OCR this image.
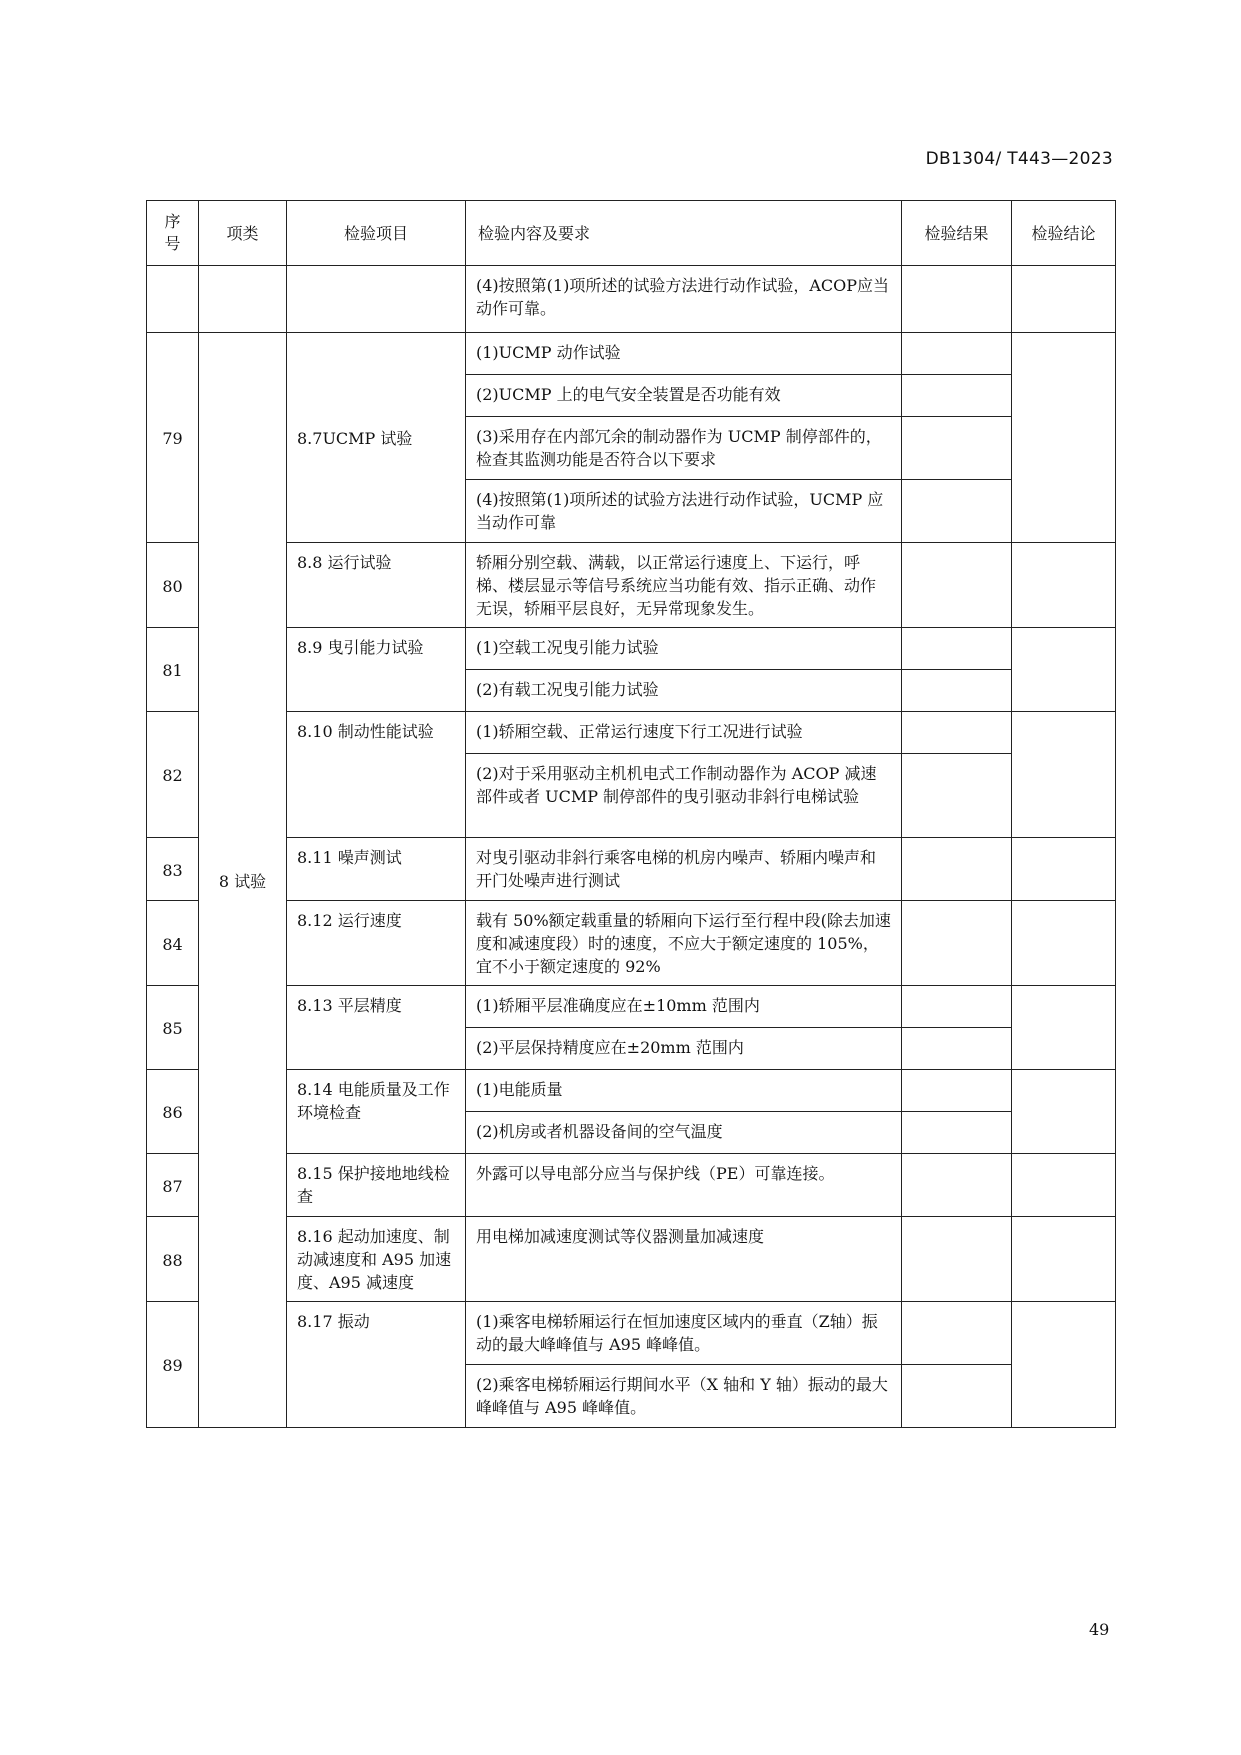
DB1304/ T443—2023
序
号	项类	检验项目	检验内容及要求	检验结果	检验结论
			(4)按照第(1)项所述的试验方法进行动作试验，ACOP应当动作可靠。		
79	8 试验	8.7UCMP 试验	(1)UCMP 动作试验		
			(2)UCMP 上的电气安全装置是否功能有效		
			(3)采用存在内部冗余的制动器作为 UCMP 制停部件的，检查其监测功能是否符合以下要求		
			(4)按照第(1)项所述的试验方法进行动作试验，UCMP 应当动作可靠		
80		8.8 运行试验	轿厢分别空载、满载，以正常运行速度上、下运行，呼梯、楼层显示等信号系统应当功能有效、指示正确、动作无误，轿厢平层良好，无异常现象发生。		
81		8.9 曳引能力试验	(1)空载工况曳引能力试验		
			(2)有载工况曳引能力试验		
82		8.10 制动性能试验	(1)轿厢空载、正常运行速度下行工况进行试验		
			(2)对于采用驱动主机机电式工作制动器作为 ACOP 减速部件或者 UCMP 制停部件的曳引驱动非斜行电梯试验		
83		8.11 噪声测试	对曳引驱动非斜行乘客电梯的机房内噪声、轿厢内噪声和开门处噪声进行测试		
84		8.12 运行速度	载有 50%额定载重量的轿厢向下运行至行程中段(除去加速度和减速度段）时的速度，不应大于额定速度的 105%，宜不小于额定速度的 92%		
85		8.13 平层精度	(1)轿厢平层准确度应在±10mm 范围内		
			(2)平层保持精度应在±20mm 范围内		
86		8.14 电能质量及工作环境检查	(1)电能质量		
			(2)机房或者机器设备间的空气温度		
87		8.15 保护接地地线检查	外露可以导电部分应当与保护线（PE）可靠连接。		
88		8.16 起动加速度、制动减速度和 A95 加速度、A95 减速度	用电梯加减速度测试等仪器测量加减速度		
89		8.17 振动	(1)乘客电梯轿厢运行在恒加速度区域内的垂直（Z轴）振动的最大峰峰值与 A95 峰峰值。		
			(2)乘客电梯轿厢运行期间水平（X 轴和 Y 轴）振动的最大峰峰值与 A95 峰峰值。		
49
